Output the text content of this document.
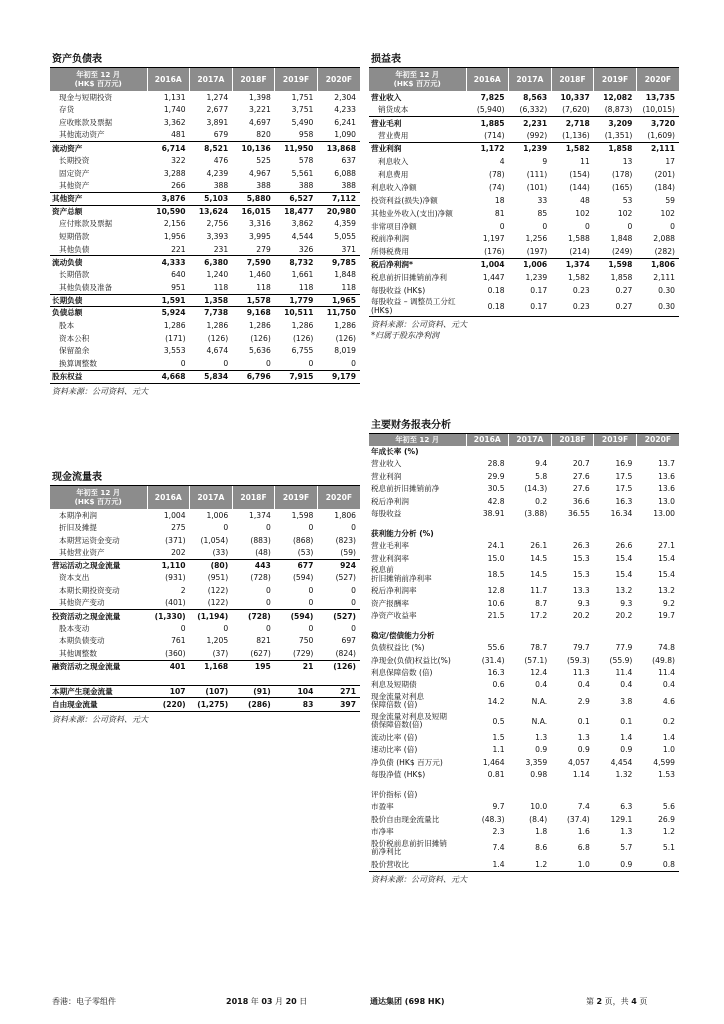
资产负债表
年初至 12 月
(HK$ 百万元)	2016A	2017A	2018F	2019F	2020F
现金与短期投资	1,131	1,274	1,398	1,751	2,304
存货	1,740	2,677	3,221	3,751	4,233
应收账款及票据	3,362	3,891	4,697	5,490	6,241
其他流动资产	481	679	820	958	1,090
流动资产	6,714	8,521	10,136	11,950	13,868
长期投资	322	476	525	578	637
固定资产	3,288	4,239	4,967	5,561	6,088
其他资产	266	388	388	388	388
其他资产	3,876	5,103	5,880	6,527	7,112
资产总额	10,590	13,624	16,015	18,477	20,980
应付账款及票据	2,156	2,756	3,316	3,862	4,359
短期借款	1,956	3,393	3,995	4,544	5,055
其他负债	221	231	279	326	371
流动负债	4,333	6,380	7,590	8,732	9,785
长期借款	640	1,240	1,460	1,661	1,848
其他负债及准备	951	118	118	118	118
长期负债	1,591	1,358	1,578	1,779	1,965
负债总额	5,924	7,738	9,168	10,511	11,750
股本	1,286	1,286	1,286	1,286	1,286
资本公积	(171)	(126)	(126)	(126)	(126)
保留盈余	3,553	4,674	5,636	6,755	8,019
换算调整数	0	0	0	0	0
股东权益	4,668	5,834	6,796	7,915	9,179
资料来源：公司资料、元大
损益表
年初至 12 月
(HK$ 百万元)	2016A	2017A	2018F	2019F	2020F
营业收入	7,825	8,563	10,337	12,082	13,735
销货成本	(5,940)	(6,332)	(7,620)	(8,873)	(10,015)
营业毛利	1,885	2,231	2,718	3,209	3,720
营业费用	(714)	(992)	(1,136)	(1,351)	(1,609)
营业利润	1,172	1,239	1,582	1,858	2,111
利息收入	4	9	11	13	17
利息费用	(78)	(111)	(154)	(178)	(201)
利息收入净额	(74)	(101)	(144)	(165)	(184)
投资利益(损失)净额	18	33	48	53	59
其他业外收入(支出)净额	81	85	102	102	102
非常项目净额	0	0	0	0	0
税前净利润	1,197	1,256	1,588	1,848	2,088
所得税费用	(176)	(197)	(214)	(249)	(282)
税后净利润*	1,004	1,006	1,374	1,598	1,806
税息前折旧摊销前净利	1,447	1,239	1,582	1,858	2,111
每股收益 (HK$)	0.18	0.17	0.23	0.27	0.30
每股收益 – 调整员工分红 (HK$)	0.18	0.17	0.23	0.27	0.30
资料来源：公司资料、元大
*归属于股东净利润
现金流量表
年初至 12 月
(HK$ 百万元)	2016A	2017A	2018F	2019F	2020F
本期净利润	1,004	1,006	1,374	1,598	1,806
折旧及摊提	275	0	0	0	0
本期营运资金变动	(371)	(1,054)	(883)	(868)	(823)
其他营业资产	202	(33)	(48)	(53)	(59)
营运活动之现金流量	1,110	(80)	443	677	924
资本支出	(931)	(951)	(728)	(594)	(527)
本期长期投资变动	2	(122)	0	0	0
其他资产变动	(401)	(122)	0	0	0
投资活动之现金流量	(1,330)	(1,194)	(728)	(594)	(527)
股本变动	0	0	0	0	0
本期负债变动	761	1,205	821	750	697
其他调整数	(360)	(37)	(627)	(729)	(824)
融资活动之现金流量	401	1,168	195	21	(126)

本期产生现金流量	107	(107)	(91)	104	271
自由现金流量	(220)	(1,275)	(286)	83	397
资料来源：公司资料、元大
主要财务报表分析
年初至 12 月	2016A	2017A	2018F	2019F	2020F
年成长率 (%)					
营业收入	28.8	9.4	20.7	16.9	13.7
营业利润	29.9	5.8	27.6	17.5	13.6
税息前折旧摊销前净	30.5	(14.3)	27.6	17.5	13.6
税后净利润	42.8	0.2	36.6	16.3	13.0
每股收益	38.91	(3.88)	36.55	16.34	13.00

获利能力分析 (%)					
营业毛利率	24.1	26.1	26.3	26.6	27.1
营业利润率	15.0	14.5	15.3	15.4	15.4
税息前
折旧摊销前净利率	18.5	14.5	15.3	15.4	15.4
税后净利润率	12.8	11.7	13.3	13.2	13.2
资产报酬率	10.6	8.7	9.3	9.3	9.2
净资产收益率	21.5	17.2	20.2	20.2	19.7

稳定/偿债能力分析					
负债权益比 (%)	55.6	78.7	79.7	77.9	74.8
净现金(负债)权益比(%)	(31.4)	(57.1)	(59.3)	(55.9)	(49.8)
利息保障倍数 (倍)	16.3	12.4	11.3	11.4	11.4
利息及短期债	0.6	0.4	0.4	0.4	0.4
现金流量对利息
保障倍数 (倍)	14.2	N.A.	2.9	3.8	4.6
现金流量对利息及短期
债保障倍数(倍)	0.5	N.A.	0.1	0.1	0.2
流动比率 (倍)	1.5	1.3	1.3	1.4	1.4
速动比率 (倍)	1.1	0.9	0.9	0.9	1.0
净负债 (HK$ 百万元)	1,464	3,359	4,057	4,454	4,599
每股净值 (HK$)	0.81	0.98	1.14	1.32	1.53

评价指标 (倍)					
市盈率	9.7	10.0	7.4	6.3	5.6
股价自由现金流量比	(48.3)	(8.4)	(37.4)	129.1	26.9
市净率	2.3	1.8	1.6	1.3	1.2
股价税前息前折旧摊销
前净利比	7.4	8.6	6.8	5.7	5.1
股价营收比	1.4	1.2	1.0	0.9	0.8
资料来源：公司资料、元大
香港：电子零组件	2018 年 03 月 20 日	通达集团 (698 HK)	第 2 页，共 4 页
